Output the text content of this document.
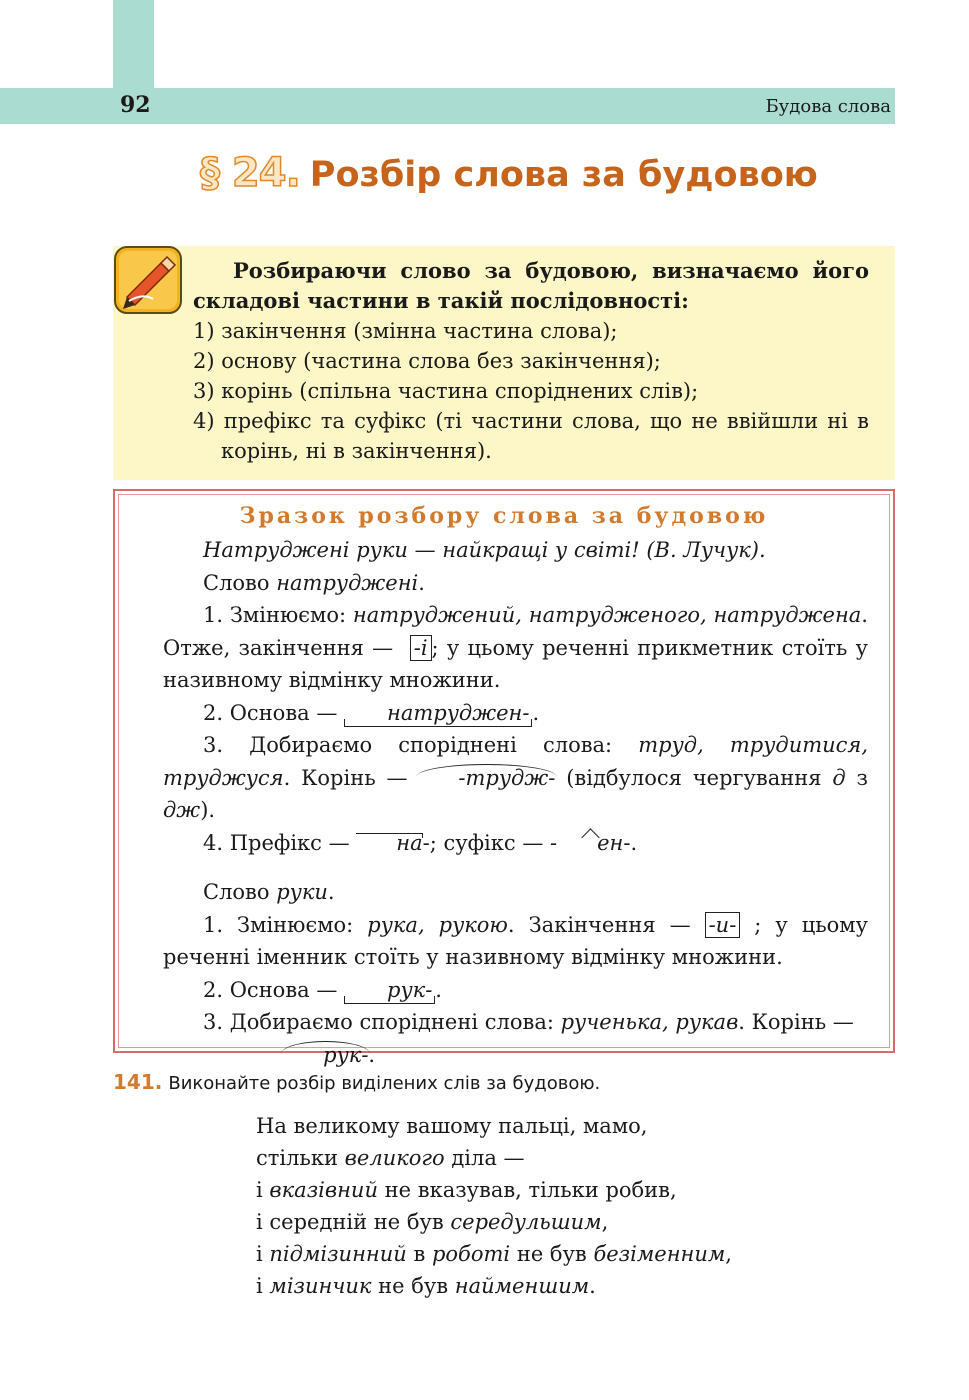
92	Будова слова
§ 24. Розбір слова за будовою

Розбираючи слово за будовою, визначаємо його складові частини в такій послідовності:

1) закінчення (змінна частина слова);
2) основу (частина слова без закінчення);
3) корінь (спільна частина споріднених слів);
4) префікс та суфікс (ті частини слова, що не ввійшли ні в корінь, ні в закінчення).
Зразок розбору слова за будовою

Натруджені руки — найкращі у світі! (В. Лучук).

Слово натруджені.

1. Змінюємо: натруджений, натрудженого, натруджена. Отже, закінчення —  -і ; у цьому реченні прикметник стоїть у називному відмінку множини.

2. Основа — натруджен- .

3. Добираємо споріднені слова: труд, трудитися, труджуся. Корінь — -трудж- (відбулося чергування д з дж).

4. Префікс — на-; суфікс — - ен-.

Слово руки.

1. Змінюємо: рука, рукою. Закінчення — -и- ; у цьому реченні іменник стоїть у називному відмінку множини.

2. Основа — рук- .

3. Добираємо споріднені слова: рученька, рукав. Корінь —
рук-.

141. Виконайте розбір виділених слів за будовою.
На великому вашому пальці, мамо,
стільки великого діла —
і вказівний не вказував, тільки робив,
і середній не був середульшим,
і підмізинний в роботі не був безіменним,
і мізинчик не був найменшим.
